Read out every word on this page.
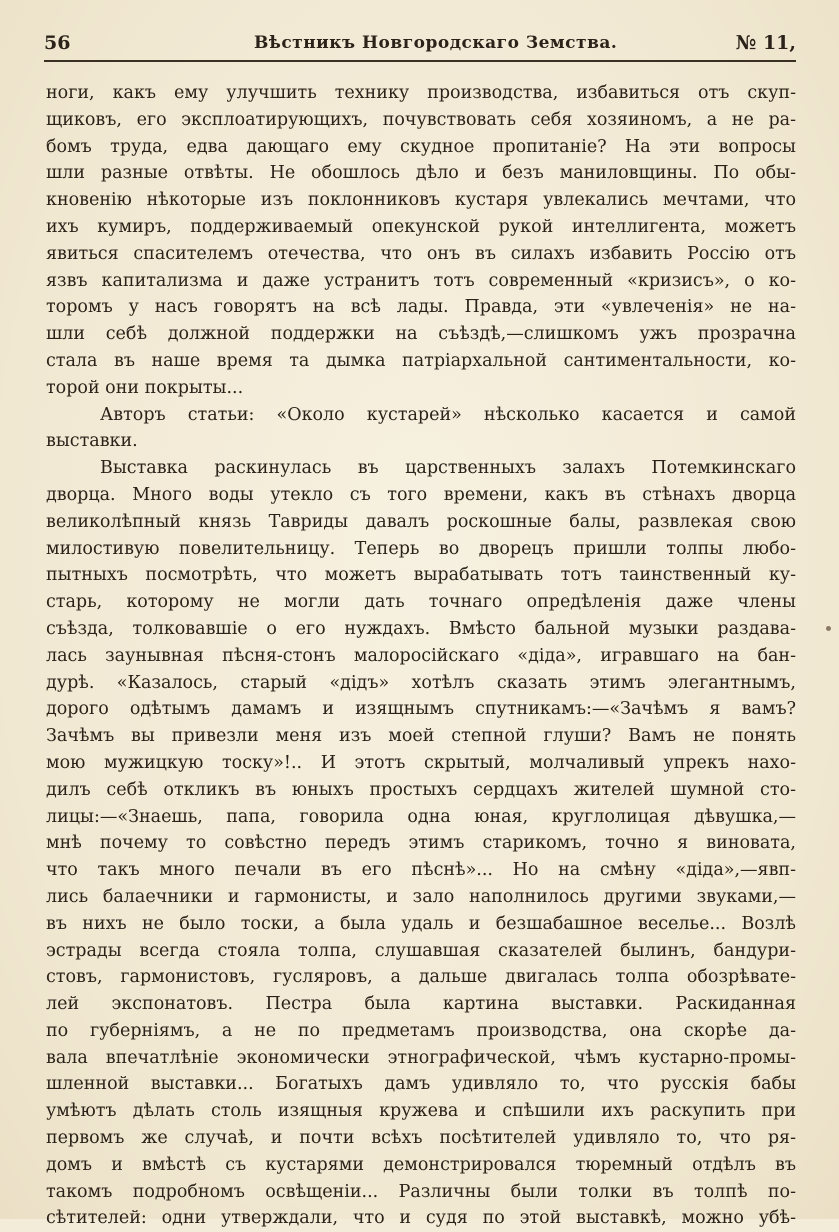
56	Вѣстникъ Новгородскаго Земства.	№ 11,
ноги, какъ ему улучшить технику производства, избавиться отъ скуп-
щиковъ, его эксплоатирующихъ, почувствовать себя хозяиномъ, а не ра-
бомъ труда, едва дающаго ему скудное пропитаніе? На эти вопросы
шли разные отвѣты. Не обошлось дѣло и безъ маниловщины. По обы-
кновенію нѣкоторые изъ поклонниковъ кустаря увлекались мечтами, что
ихъ кумиръ, поддерживаемый опекунской рукой интеллигента, можетъ
явиться спасителемъ отечества, что онъ въ силахъ избавить Россію отъ
язвъ капитализма и даже устранитъ тотъ современный «кризисъ», о ко-
торомъ у насъ говорятъ на всѣ лады. Правда, эти «увлеченія» не на-
шли себѣ должной поддержки на съѣздѣ,—слишкомъ ужъ прозрачна
стала въ наше время та дымка патріархальной сантиментальности, ко-
торой они покрыты...
Авторъ статьи: «Около кустарей» нѣсколько касается и самой
выставки.
Выставка раскинулась въ царственныхъ залахъ Потемкинскаго
дворца. Много воды утекло съ того времени, какъ въ стѣнахъ дворца
великолѣпный князь Тавриды давалъ роскошные балы, развлекая свою
милостивую повелительницу. Теперь во дворецъ пришли толпы любо-
пытныхъ посмотрѣть, что можетъ вырабатывать тотъ таинственный ку-
старь, которому не могли дать точнаго опредѣленія даже члены
съѣзда, толковавшіе о его нуждахъ. Вмѣсто бальной музыки раздава-
лась заунывная пѣсня-стонъ малоросійскаго «діда», игравшаго на бан-
дурѣ. «Казалось, старый «дідъ» хотѣлъ сказать этимъ элегантнымъ,
дорого одѣтымъ дамамъ и изящнымъ спутникамъ:—«Зачѣмъ я вамъ?
Зачѣмъ вы привезли меня изъ моей степной глуши? Вамъ не понять
мою мужицкую тоску»!.. И этотъ скрытый, молчаливый упрекъ нахо-
дилъ себѣ откликъ въ юныхъ простыхъ сердцахъ жителей шумной сто-
лицы:—«Знаешь, папа, говорила одна юная, круглолицая дѣвушка,—
мнѣ почему то совѣстно передъ этимъ старикомъ, точно я виновата,
что такъ много печали въ его пѣснѣ»... Но на смѣну «діда»,—явп-
лись балаечники и гармонисты, и зало наполнилось другими звуками,—
въ нихъ не было тоски, а была удаль и безшабашное веселье... Возлѣ
эстрады всегда стояла толпа, слушавшая сказателей былинъ, бандури-
стовъ, гармонистовъ, гусляровъ, а дальше двигалась толпа обозрѣвате-
лей экспонатовъ. Пестра была картина выставки. Раскиданная
по губерніямъ, а не по предметамъ производства, она скорѣе да-
вала впечатлѣніе экономически этнографической, чѣмъ кустарно-промы-
шленной выставки... Богатыхъ дамъ удивляло то, что русскія бабы
умѣютъ дѣлать столь изящныя кружева и спѣшили ихъ раскупить при
первомъ же случаѣ, и почти всѣхъ посѣтителей удивляло то, что ря-
домъ и вмѣстѣ съ кустарями демонстрировался тюремный отдѣлъ въ
такомъ подробномъ освѣщеніи... Различны были толки въ толпѣ по-
сѣтителей: одни утверждали, что и судя по этой выставкѣ, можно убѣ-
